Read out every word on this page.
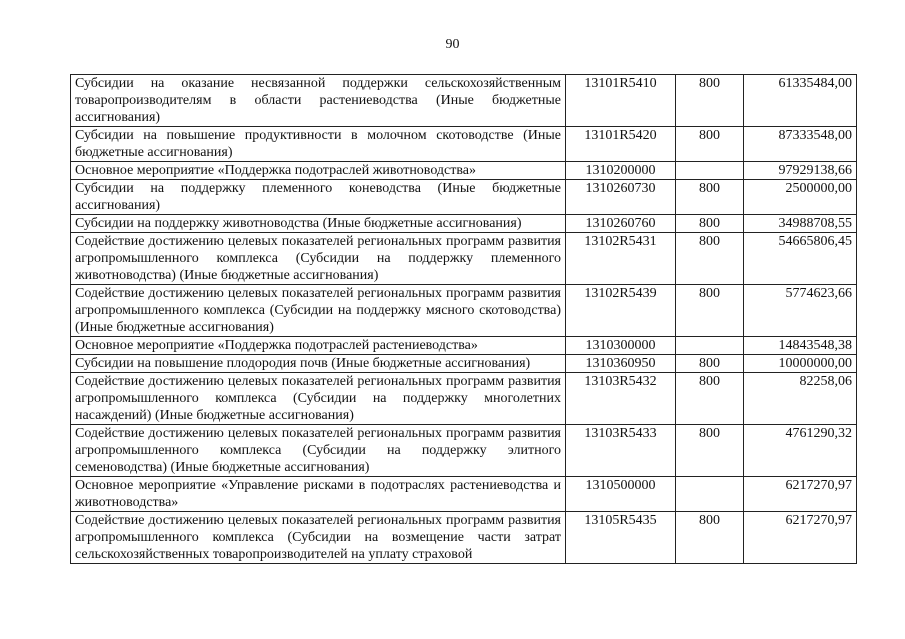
90
Субсидии на оказание несвязанной поддержки сельскохозяйственным товаропроизводителям в области растениеводства (Иные бюджетные ассигнования)	13101R5410	800	61335484,00
Субсидии на повышение продуктивности в молочном скотоводстве (Иные бюджетные ассигнования)	13101R5420	800	87333548,00
Основное мероприятие «Поддержка подотраслей животноводства»	1310200000		97929138,66
Субсидии на поддержку племенного коневодства (Иные бюджетные ассигнования)	1310260730	800	2500000,00
Субсидии на поддержку животноводства (Иные бюджетные ассигнования)	1310260760	800	34988708,55
Содействие достижению целевых показателей региональных программ развития агропромышленного комплекса (Субсидии на поддержку племенного животноводства) (Иные бюджетные ассигнования)	13102R5431	800	54665806,45
Содействие достижению целевых показателей региональных программ развития агропромышленного комплекса (Субсидии на поддержку мясного скотоводства) (Иные бюджетные ассигнования)	13102R5439	800	5774623,66
Основное мероприятие «Поддержка подотраслей растениеводства»	1310300000		14843548,38
Субсидии на повышение плодородия почв (Иные бюджетные ассигнования)	1310360950	800	10000000,00
Содействие достижению целевых показателей региональных программ развития агропромышленного комплекса (Субсидии на поддержку многолетних насаждений) (Иные бюджетные ассигнования)	13103R5432	800	82258,06
Содействие достижению целевых показателей региональных программ развития агропромышленного комплекса (Субсидии на поддержку элитного семеноводства) (Иные бюджетные ассигнования)	13103R5433	800	4761290,32
Основное мероприятие «Управление рисками в подотраслях растениеводства и животноводства»	1310500000		6217270,97
Содействие достижению целевых показателей региональных программ развития агропромышленного комплекса (Субсидии на возмещение части затрат сельскохозяйственных товаропроизводителей на уплату страховой	13105R5435	800	6217270,97
